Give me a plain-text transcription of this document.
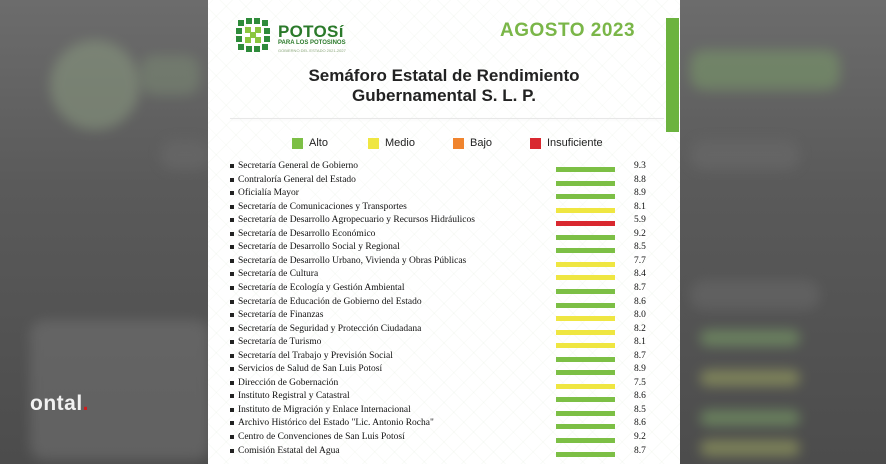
ontal.
POTOSí
PARA LOS POTOSINOS
GOBIERNO DEL ESTADO 2021-2027
AGOSTO 2023
Semáforo Estatal de Rendimiento
Gubernamental S. L. P.
Alto	Medio	Bajo	Insuficiente
Secretaría General de Gobierno	9.3
Contraloría General del Estado	8.8
Oficialía Mayor	8.9
Secretaría de Comunicaciones y Transportes	8.1
Secretaría de Desarrollo Agropecuario y Recursos Hidráulicos	5.9
Secretaría de Desarrollo Económico	9.2
Secretaría de Desarrollo Social y Regional	8.5
Secretaría de Desarrollo Urbano, Vivienda y Obras Públicas	7.7
Secretaría de Cultura	8.4
Secretaría de Ecología y Gestión Ambiental	8.7
Secretaría de Educación de Gobierno del Estado	8.6
Secretaría de Finanzas	8.0
Secretaría de Seguridad y Protección Ciudadana	8.2
Secretaría de Turismo	8.1
Secretaría del Trabajo y Previsión Social	8.7
Servicios de Salud de San Luis Potosí	8.9
Dirección de Gobernación	7.5
Instituto Registral y Catastral	8.6
Instituto de Migración y Enlace Internacional	8.5
Archivo Histórico del Estado "Lic. Antonio Rocha"	8.6
Centro de Convenciones de San Luis Potosí	9.2
Comisión Estatal del Agua	8.7
